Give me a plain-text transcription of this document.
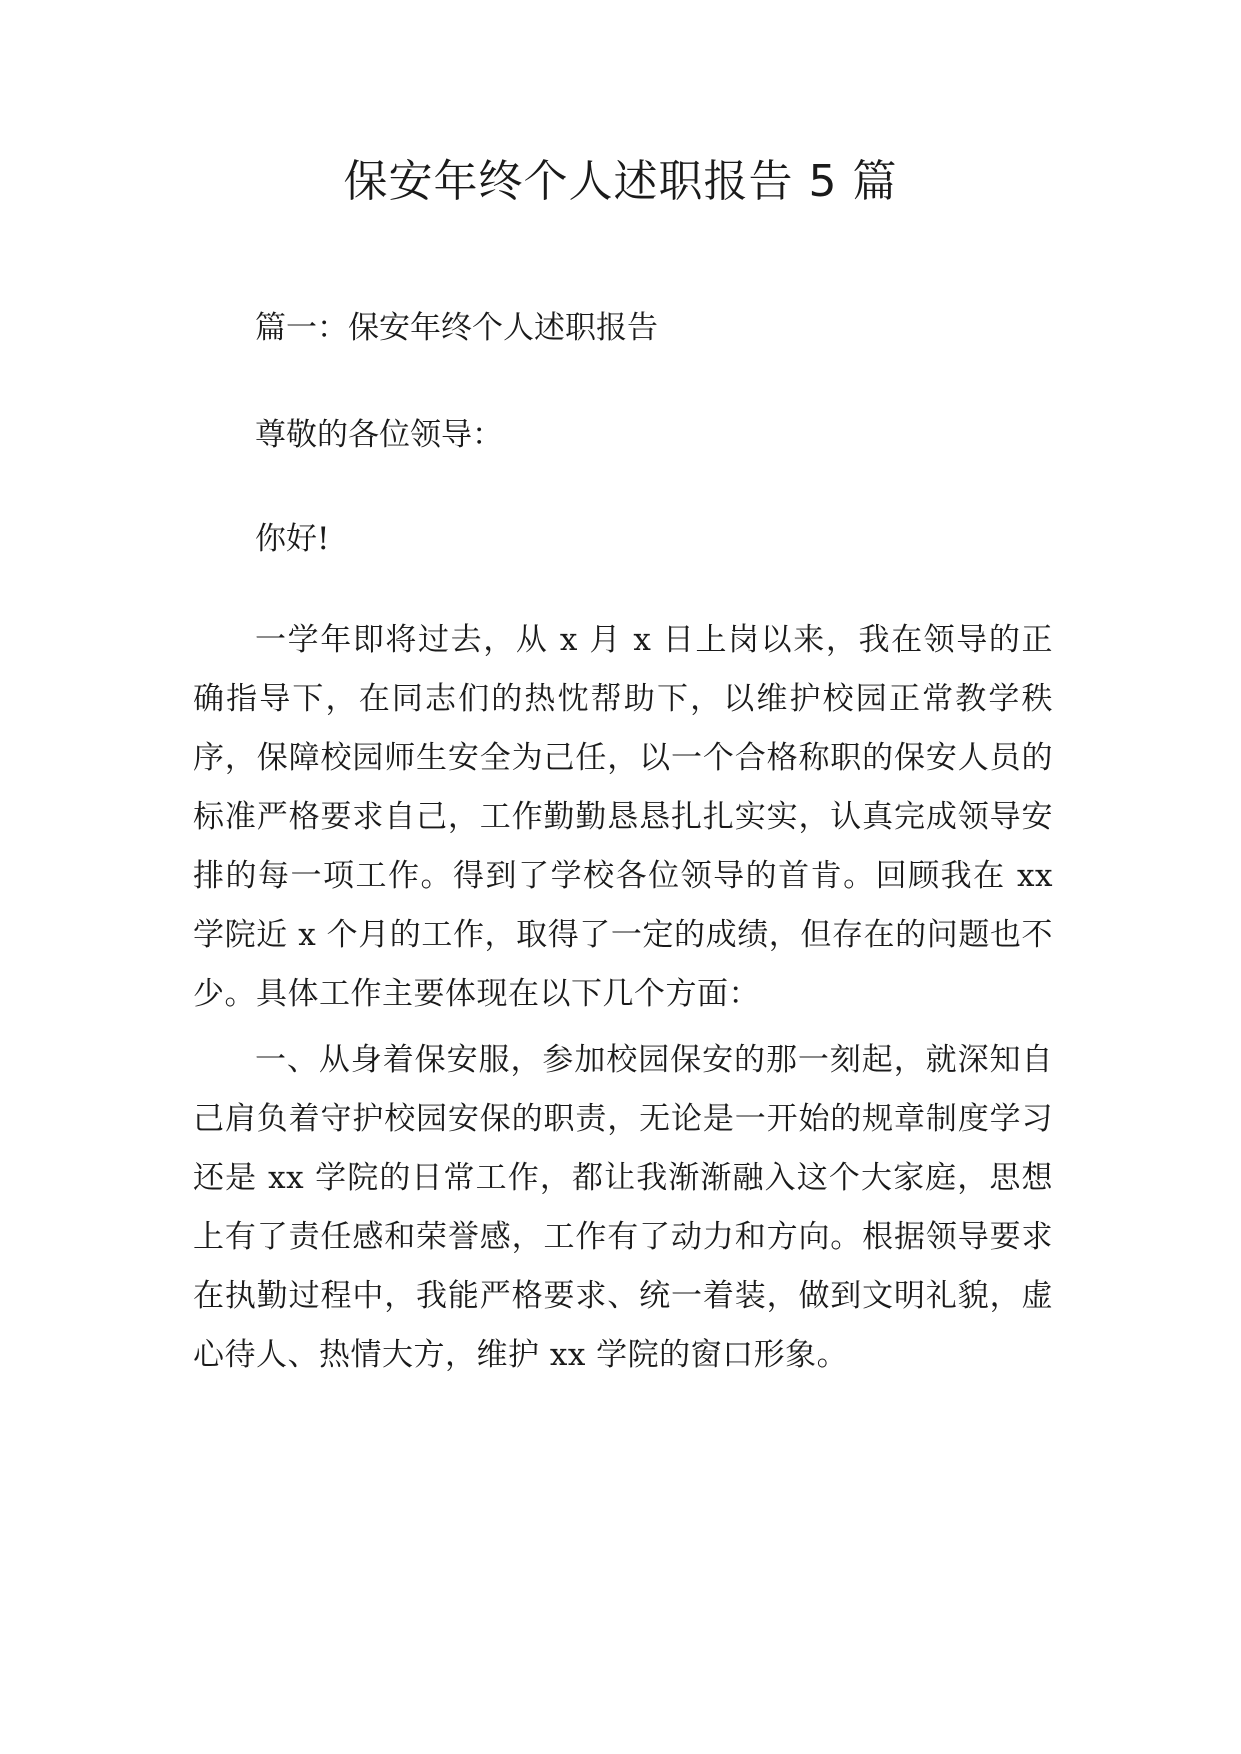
保安年终个人述职报告 5 篇

篇一：保安年终个人述职报告

尊敬的各位领导：

你好!

一学年即将过去，从 x 月 x 日上岗以来，我在领导的正确指导下，在同志们的热忱帮助下，以维护校园正常教学秩序，保障校园师生安全为己任，以一个合格称职的保安人员的标准严格要求自己，工作勤勤恳恳扎扎实实，认真完成领导安排的每一项工作。得到了学校各位领导的首肯。回顾我在 xx 学院近 x 个月的工作，取得了一定的成绩，但存在的问题也不少。具体工作主要体现在以下几个方面：

一、从身着保安服，参加校园保安的那一刻起，就深知自己肩负着守护校园安保的职责，无论是一开始的规章制度学习还是 xx 学院的日常工作，都让我渐渐融入这个大家庭，思想上有了责任感和荣誉感，工作有了动力和方向。根据领导要求在执勤过程中，我能严格要求、统一着装，做到文明礼貌，虚心待人、热情大方，维护 xx 学院的窗口形象。
